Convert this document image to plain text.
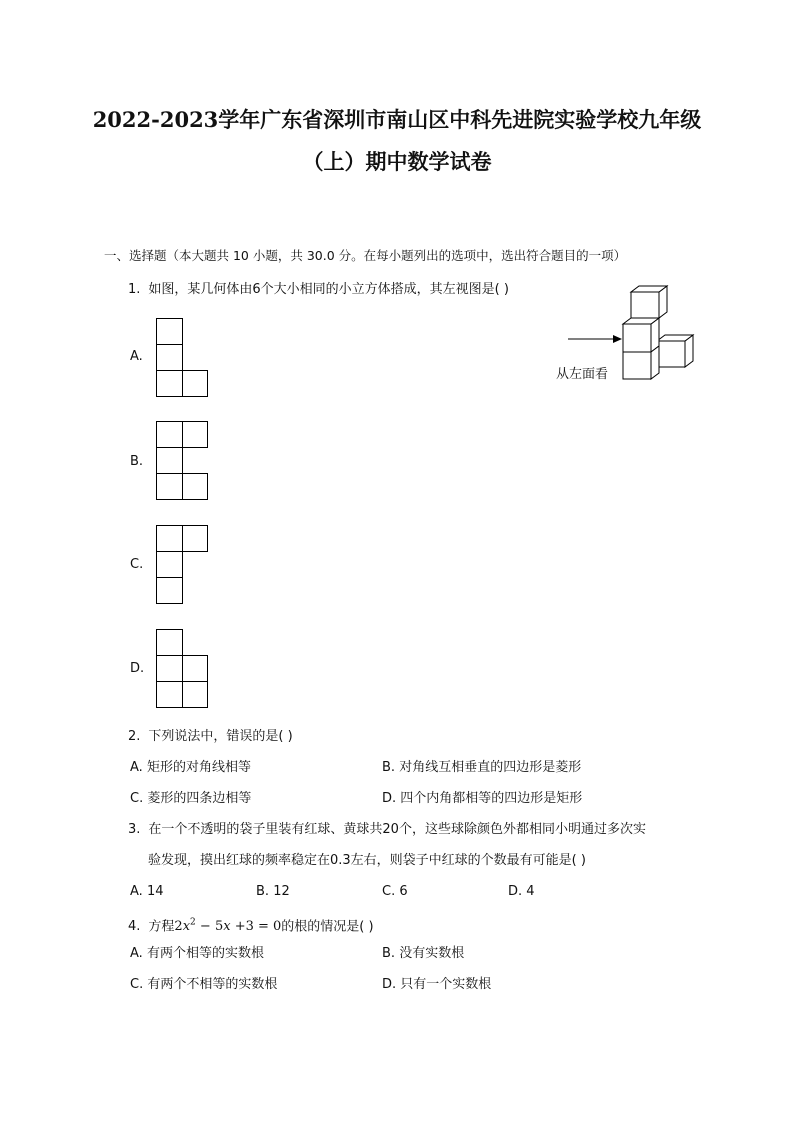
2022-2023学年广东省深圳市南山区中科先进院实验学校九年级
（上）期中数学试卷
一、选择题（本大题共 10 小题，共 30.0 分。在每小题列出的选项中，选出符合题目的一项）
1. 如图，某几何体由6个大小相同的小立方体搭成，其左视图是( )
从左面看
A.
B.
C.
D.
2. 下列说法中，错误的是( )
A. 矩形的对角线相等	B. 对角线互相垂直的四边形是菱形
C. 菱形的四条边相等	D. 四个内角都相等的四边形是矩形
3. 在一个不透明的袋子里装有红球、黄球共20个，这些球除颜色外都相同小明通过多次实
验发现，摸出红球的频率稳定在0.3左右，则袋子中红球的个数最有可能是( )
A. 14	B. 12	C. 6	D. 4
4. 方程$2x^2 - 5x +3 = 0$的根的情况是( )
A. 有两个相等的实数根	B. 没有实数根
C. 有两个不相等的实数根	D. 只有一个实数根
